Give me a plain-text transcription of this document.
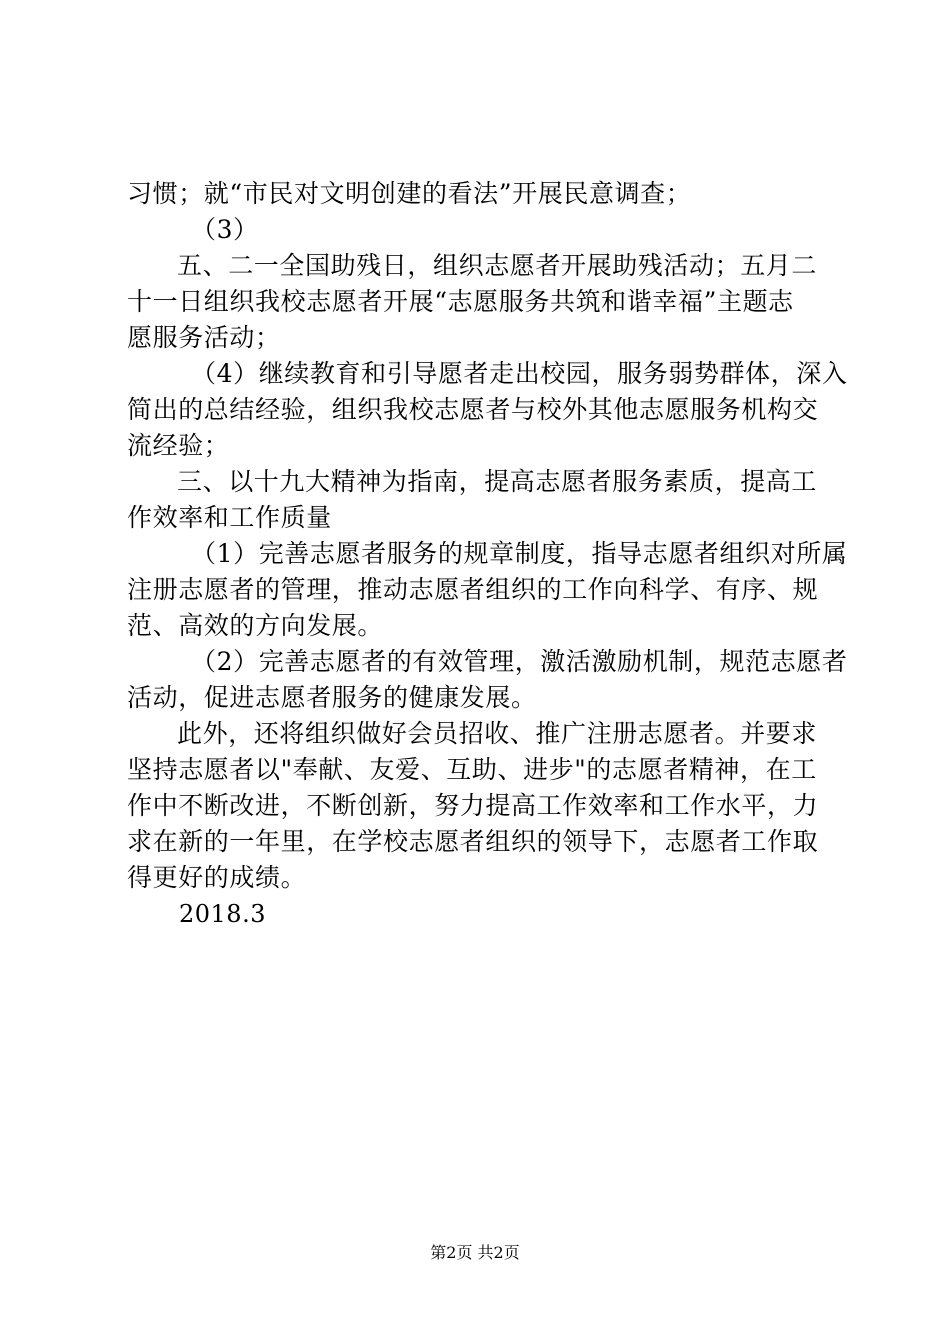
习惯；就“市民对文明创建的看法”开展民意调查；
（3）
五、二一全国助残日，组织志愿者开展助残活动；五月二
十一日组织我校志愿者开展“志愿服务共筑和谐幸福”主题志
愿服务活动；
（4）继续教育和引导愿者走出校园，服务弱势群体，深入
简出的总结经验，组织我校志愿者与校外其他志愿服务机构交
流经验；
三、以十九大精神为指南，提高志愿者服务素质，提高工
作效率和工作质量
（1）完善志愿者服务的规章制度，指导志愿者组织对所属
注册志愿者的管理，推动志愿者组织的工作向科学、有序、规
范、高效的方向发展。
（2）完善志愿者的有效管理，激活激励机制，规范志愿者
活动，促进志愿者服务的健康发展。
此外，还将组织做好会员招收、推广注册志愿者。并要求
坚持志愿者以"奉献、友爱、互助、进步"的志愿者精神，在工
作中不断改进，不断创新，努力提高工作效率和工作水平，力
求在新的一年里，在学校志愿者组织的领导下，志愿者工作取
得更好的成绩。
2018.3
第2页 共2页
